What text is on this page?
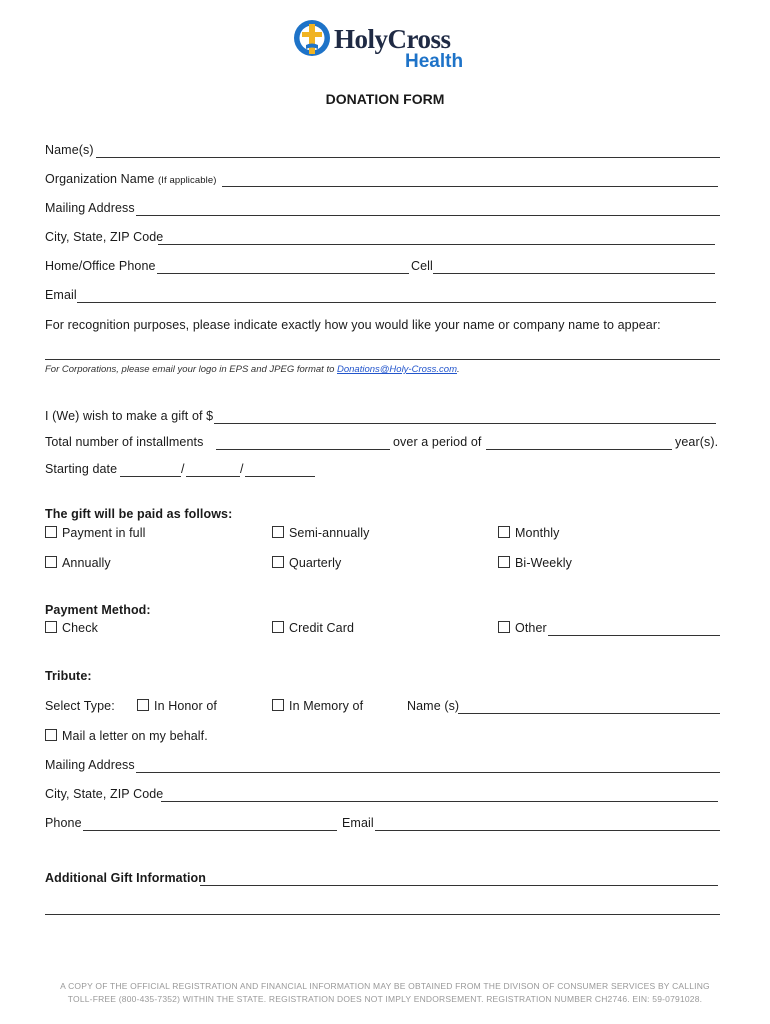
HolyCross
Health
DONATION FORM
Name(s)
Organization Name (If applicable)
Mailing Address
City, State, ZIP Code
Home/Office Phone	Cell
Email
For recognition purposes, please indicate exactly how you would like your name or company name to appear:
For Corporations, please email your logo in EPS and JPEG format to Donations@Holy-Cross.com.
I (We) wish to make a gift of $
Total number of installments	over a period of	year(s).
Starting date	/	/
The gift will be paid as follows:
Payment in full	Semi-annually	Monthly
Annually	Quarterly	Bi-Weekly
Payment Method:
Check	Credit Card	Other
Tribute:
Select Type:	In Honor of	In Memory of	Name (s)
Mail a letter on my behalf.
Mailing Address
City, State, ZIP Code
Phone	Email
Additional Gift Information
A COPY OF THE OFFICIAL REGISTRATION AND FINANCIAL INFORMATION MAY BE OBTAINED FROM THE DIVISON OF CONSUMER SERVICES BY CALLING
TOLL-FREE (800-435-7352) WITHIN THE STATE. REGISTRATION DOES NOT IMPLY ENDORSEMENT. REGISTRATION NUMBER CH2746. EIN: 59-0791028.
